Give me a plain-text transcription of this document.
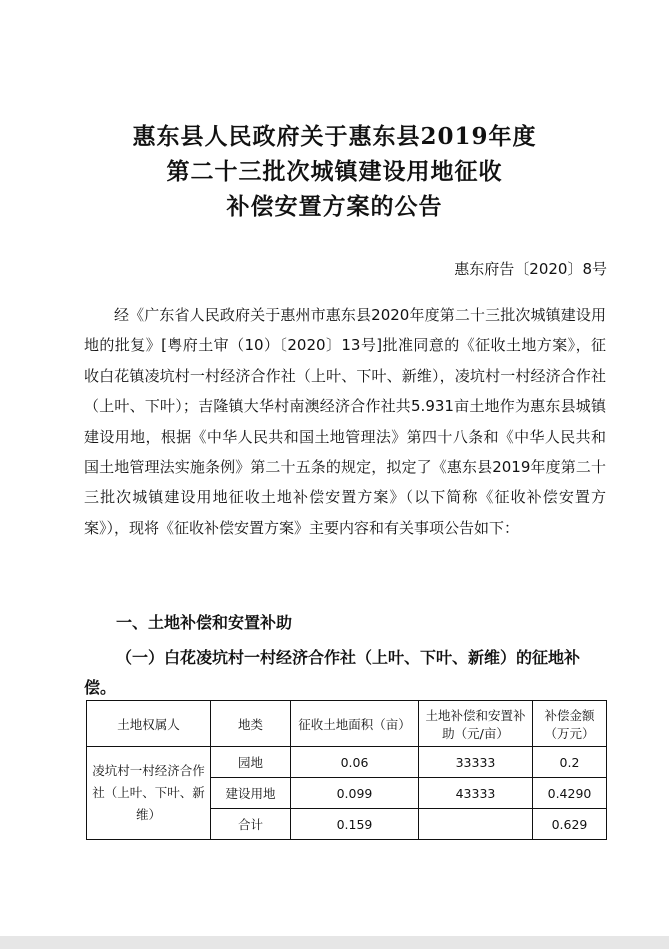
惠东县人民政府关于惠东县2019年度
第二十三批次城镇建设用地征收
补偿安置方案的公告
惠东府告〔2020〕8号
经《广东省人民政府关于惠州市惠东县2020年度第二十三批次城镇建设用地的批复》[粤府土审（10）〔2020〕13号]批准同意的《征收土地方案》，征收白花镇凌坑村一村经济合作社（上叶、下叶、新维），凌坑村一村经济合作社（上叶、下叶）；吉隆镇大华村南澳经济合作社共5.931亩土地作为惠东县城镇建设用地，根据《中华人民共和国土地管理法》第四十八条和《中华人民共和国土地管理法实施条例》第二十五条的规定，拟定了《惠东县2019年度第二十三批次城镇建设用地征收土地补偿安置方案》（以下简称《征收补偿安置方案》），现将《征收补偿安置方案》主要内容和有关事项公告如下：
一、土地补偿和安置补助
（一）白花凌坑村一村经济合作社（上叶、下叶、新维）的征地补偿。
土地权属人	地类	征收土地面积（亩）	土地补偿和安置补助（元/亩）	补偿金额（万元）
凌坑村一村经济合作社（上叶、下叶、新维）	园地	0.06	33333	0.2
	建设用地	0.099	43333	0.4290
	合计	0.159		0.629
